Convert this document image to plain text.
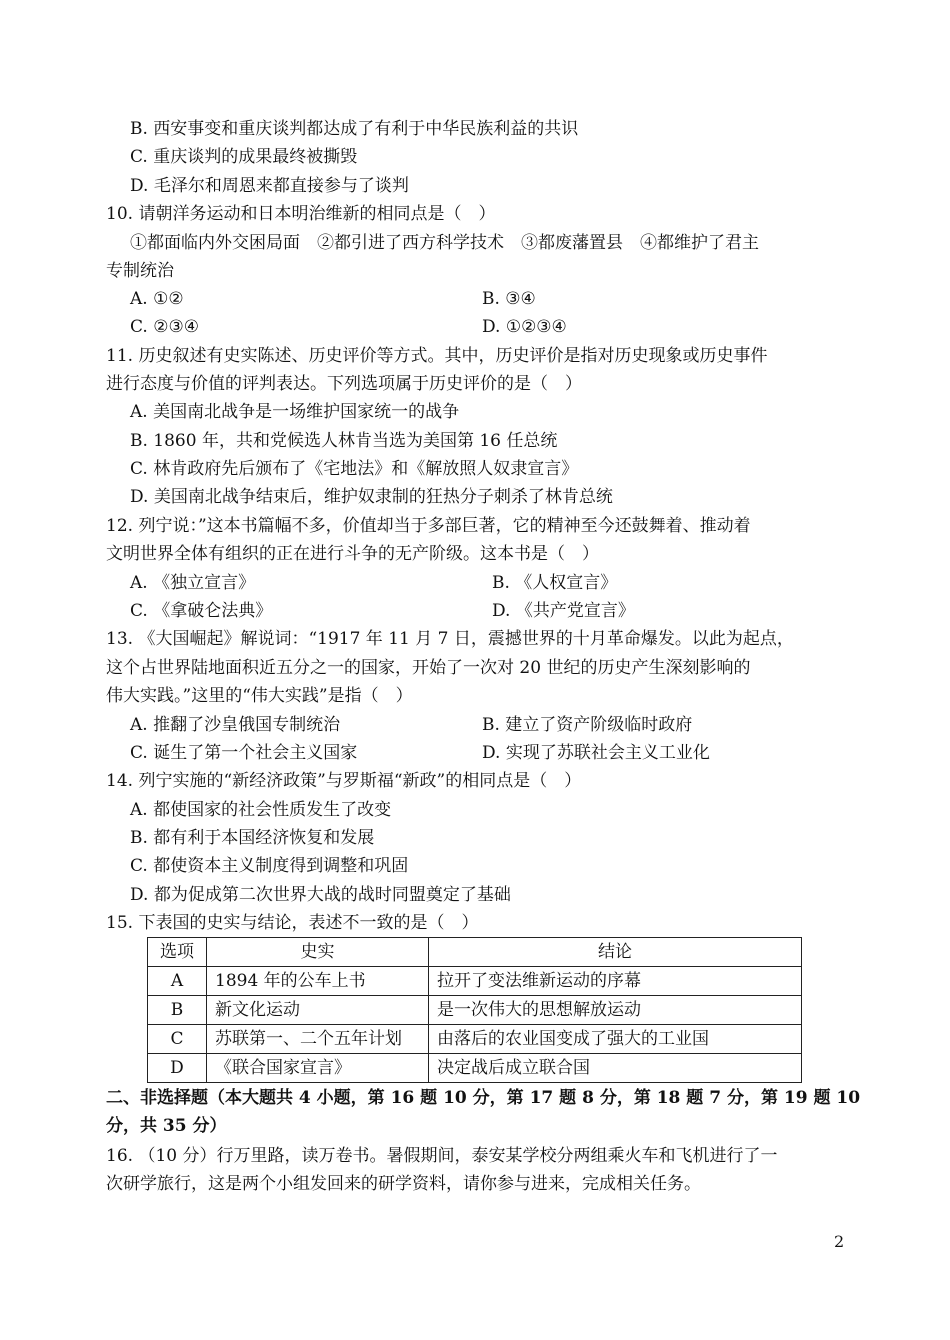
B. 西安事变和重庆谈判都达成了有利于中华民族利益的共识
C. 重庆谈判的成果最终被撕毁
D. 毛泽尔和周恩来都直接参与了谈判
10. 请朝洋务运动和日本明治维新的相同点是（　）
①都面临内外交困局面　②都引进了西方科学技术　③都废藩置县　④都维护了君主
专制统治
A. ①②	B. ③④
C. ②③④	D. ①②③④
11. 历史叙述有史实陈述、历史评价等方式。其中，历史评价是指对历史现象或历史事件
进行态度与价值的评判表达。下列选项属于历史评价的是（　）
A. 美国南北战争是一场维护国家统一的战争
B. 1860 年，共和党候选人林肯当选为美国第 16 任总统
C. 林肯政府先后颁布了《宅地法》和《解放照人奴隶宣言》
D. 美国南北战争结束后，维护奴隶制的狂热分子刺杀了林肯总统
12. 列宁说：”这本书篇幅不多，价值却当于多部巨著，它的精神至今还鼓舞着、推动着
文明世界全体有组织的正在进行斗争的无产阶级。这本书是（　）
A. 《独立宣言》	B. 《人权宣言》
C. 《拿破仑法典》	D. 《共产党宣言》
13. 《大国崛起》解说词：“1917 年 11 月 7 日，震撼世界的十月革命爆发。以此为起点，
这个占世界陆地面积近五分之一的国家，开始了一次对 20 世纪的历史产生深刻影响的
伟大实践。”这里的“伟大实践”是指（　）
A. 推翻了沙皇俄国专制统治	B. 建立了资产阶级临时政府
C. 诞生了第一个社会主义国家	D. 实现了苏联社会主义工业化
14. 列宁实施的“新经济政策”与罗斯福“新政”的相同点是（　）
A. 都使国家的社会性质发生了改变
B. 都有利于本国经济恢复和发展
C. 都使资本主义制度得到调整和巩固
D. 都为促成第二次世界大战的战时同盟奠定了基础
15. 下表国的史实与结论，表述不一致的是（　）
选项	史实	结论
A	1894 年的公车上书	拉开了变法维新运动的序幕
B	新文化运动	是一次伟大的思想解放运动
C	苏联第一、二个五年计划	由落后的农业国变成了强大的工业国
D	《联合国家宣言》	决定战后成立联合国
二、非选择题（本大题共 4 小题，第 16 题 10 分，第 17 题 8 分，第 18 题 7 分，第 19 题 10
分，共 35 分）
16. （10 分）行万里路，读万卷书。暑假期间，泰安某学校分两组乘火车和飞机进行了一
次研学旅行，这是两个小组发回来的研学资料，请你参与进来，完成相关任务。
2
